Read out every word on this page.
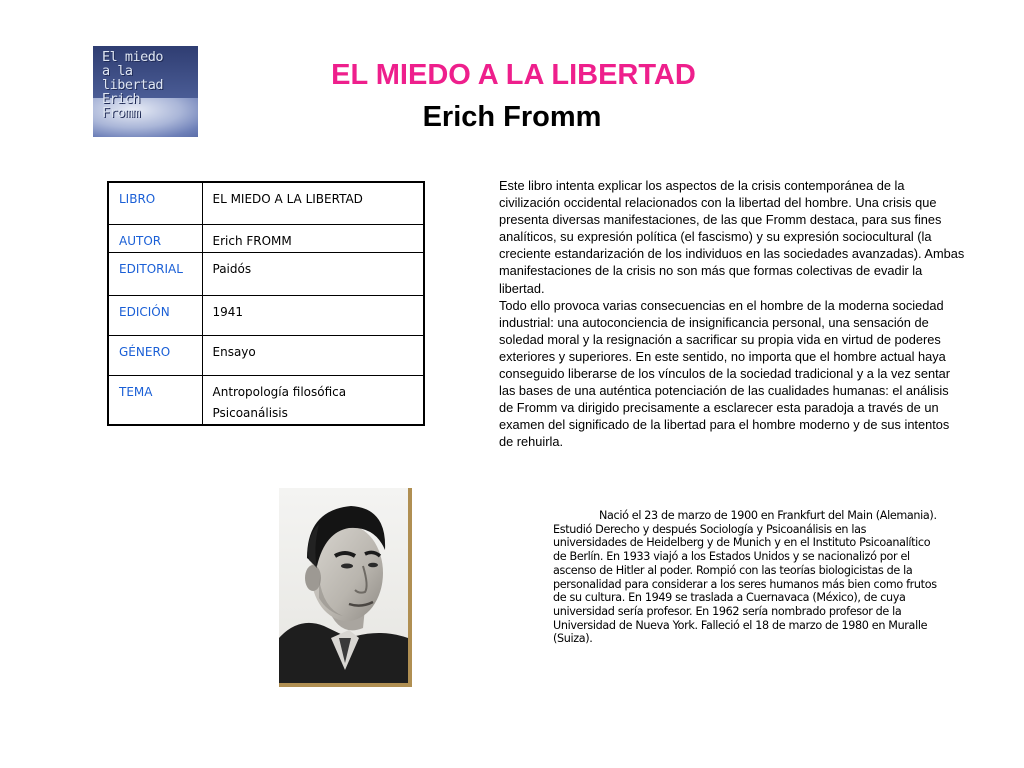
El miedo
a la
libertad
Erich
Fromm
EL MIEDO A LA LIBERTAD
Erich Fromm
LIBRO	EL MIEDO A LA LIBERTAD
AUTOR	Erich FROMM
EDITORIAL	Paidós
EDICIÓN	1941
GÉNERO	Ensayo
TEMA	Antropología filosófica
Psicoanálisis

Este libro intenta explicar los aspectos de la crisis contemporánea de la civilización occidental relacionados con la libertad del hombre. Una crisis que presenta diversas manifestaciones, de las que Fromm destaca, para sus fines analíticos, su expresión política (el fascismo) y su expresión sociocultural (la creciente estandarización de los individuos en las sociedades avanzadas). Ambas manifestaciones de la crisis no son más que formas colectivas de evadir la libertad.

Todo ello provoca varias consecuencias en el hombre de la moderna sociedad industrial: una autoconciencia de insignificancia personal, una sensación de soledad moral y la resignación a sacrificar su propia vida en virtud de poderes exteriores y superiores. En este sentido, no importa que el hombre actual haya conseguido liberarse de los vínculos de la sociedad tradicional y a la vez sentar las bases de una auténtica potenciación de las cualidades humanas: el análisis de Fromm va dirigido precisamente a esclarecer esta paradoja a través de un examen del significado de la libertad para el hombre moderno y de sus intentos de rehuirla.

Nació el 23 de marzo de 1900 en Frankfurt del Main (Alemania). Estudió Derecho y después Sociología y Psicoanálisis en las universidades de Heidelberg y de Munich y en el Instituto Psicoanalítico de Berlín. En 1933 viajó a los Estados Unidos y se nacionalizó por el ascenso de Hitler al poder. Rompió con las teorías biologicistas de la personalidad para considerar a los seres humanos más bien como frutos de su cultura. En 1949 se traslada a Cuernavaca (México), de cuya universidad sería profesor. En 1962 sería nombrado profesor de la Universidad de Nueva York. Falleció el 18 de marzo de 1980 en Muralle (Suiza).
